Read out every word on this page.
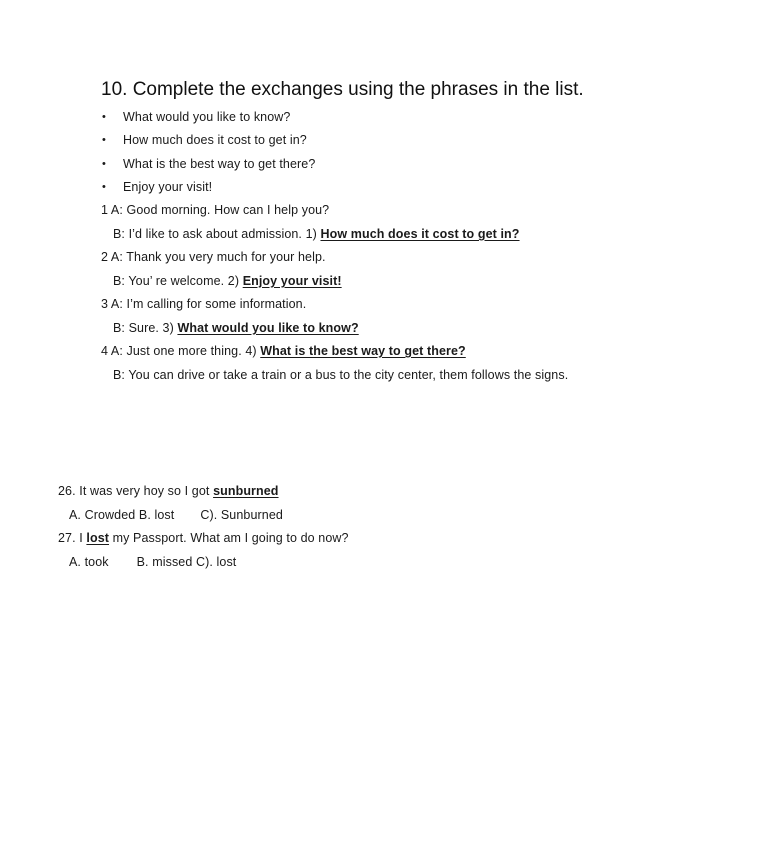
10. Complete the exchanges using the phrases in the list.
• What would you like to know?
• How much does it cost to get in?
• What is the best way to get there?
• Enjoy your visit!
1 A: Good morning. How can I help you?
B: I’d like to ask about admission. 1) How much does it cost to get in?
2 A: Thank you very much for your help.
B: You’ re welcome. 2) Enjoy your visit!
3 A: I’m calling for some information.
B: Sure. 3) What would you like to know?
4 A: Just one more thing. 4) What is the best way to get there?
B: You can drive or take a train or a bus to the city center, them follows the signs.
26. It was very hoy so I got sunburned
A. Crowded B. lost C). Sunburned
27. I lost my Passport. What am I going to do now?
A. took B. missed C). lost
